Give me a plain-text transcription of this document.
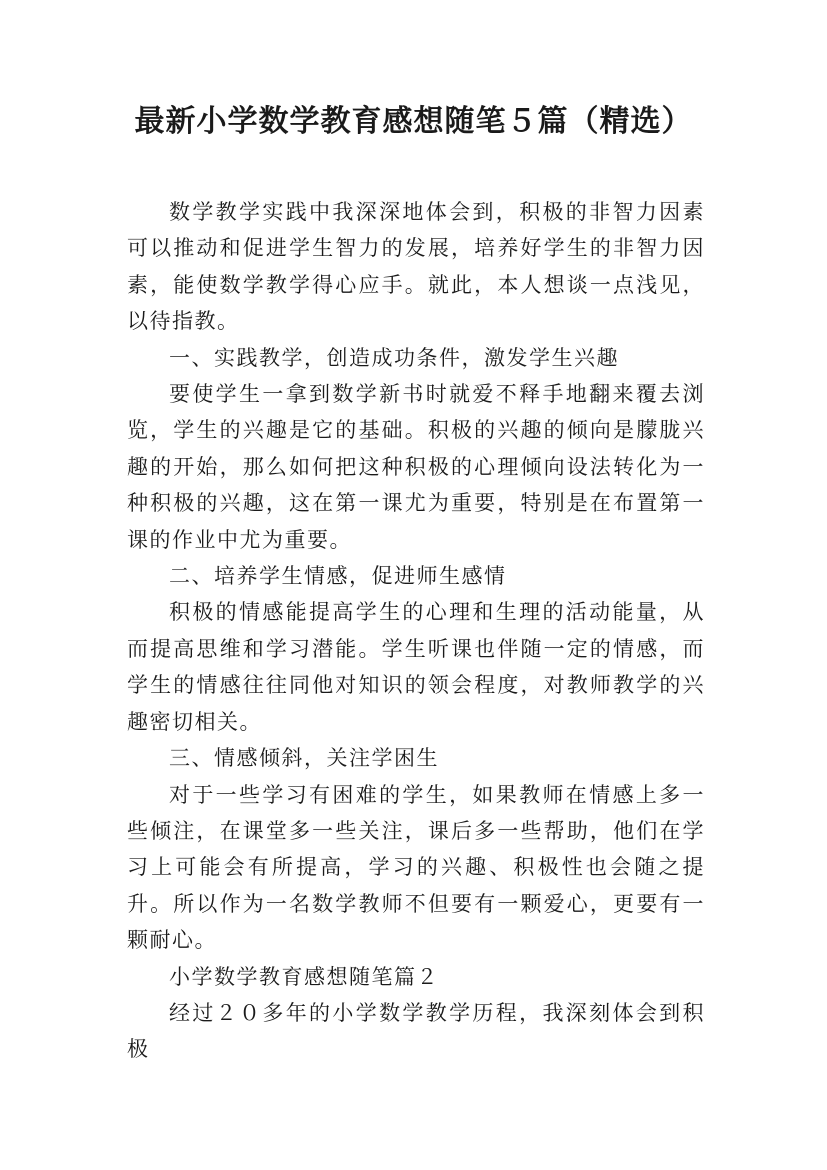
最新小学数学教育感想随笔５篇（精选）

数学教学实践中我深深地体会到，积极的非智力因素可以推动和促进学生智力的发展，培养好学生的非智力因素，能使数学教学得心应手。就此，本人想谈一点浅见，以待指教。

一、实践教学，创造成功条件，激发学生兴趣

要使学生一拿到数学新书时就爱不释手地翻来覆去浏览，学生的兴趣是它的基础。积极的兴趣的倾向是朦胧兴趣的开始，那么如何把这种积极的心理倾向设法转化为一种积极的兴趣，这在第一课尤为重要，特别是在布置第一课的作业中尤为重要。

二、培养学生情感，促进师生感情

积极的情感能提高学生的心理和生理的活动能量，从而提高思维和学习潜能。学生听课也伴随一定的情感，而学生的情感往往同他对知识的领会程度，对教师教学的兴趣密切相关。

三、情感倾斜，关注学困生

对于一些学习有困难的学生，如果教师在情感上多一些倾注，在课堂多一些关注，课后多一些帮助，他们在学习上可能会有所提高，学习的兴趣、积极性也会随之提升。所以作为一名数学教师不但要有一颗爱心，更要有一颗耐心。

小学数学教育感想随笔篇２

经过２０多年的小学数学教学历程，我深刻体会到积极
